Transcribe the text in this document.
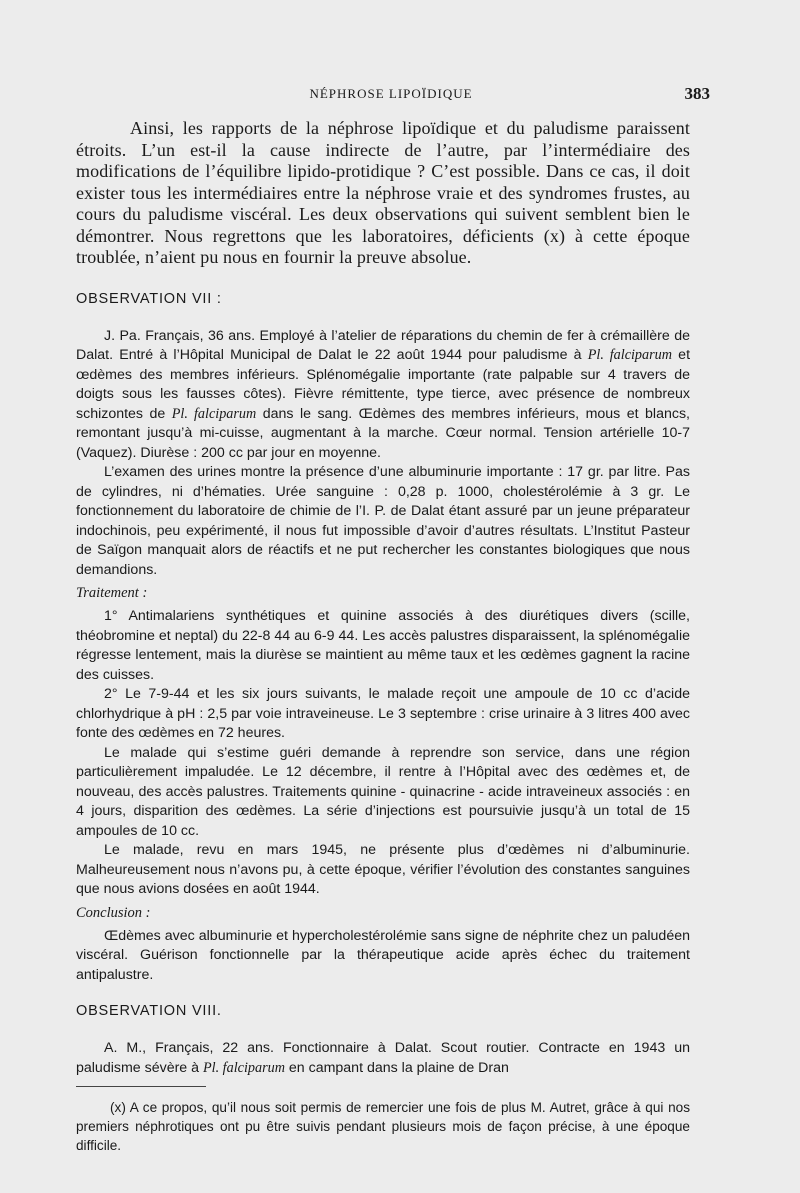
NÉPHROSE LIPOÏDIQUE	383

Ainsi, les rapports de la néphrose lipoïdique et du paludisme paraissent étroits. L’un est-il la cause indirecte de l’autre, par l’intermédiaire des modifications de l’équilibre lipido-protidique ? C’est possible. Dans ce cas, il doit exister tous les intermédiaires entre la néphrose vraie et des syndromes frustes, au cours du paludisme viscéral. Les deux observations qui suivent semblent bien le démontrer. Nous regrettons que les laboratoires, déficients (x) à cette époque troublée, n’aient pu nous en fournir la preuve absolue.

OBSERVATION VII :

J. Pa. Français, 36 ans. Employé à l’atelier de réparations du chemin de fer à crémaillère de Dalat. Entré à l’Hôpital Municipal de Dalat le 22 août 1944 pour paludisme à Pl. falciparum et œdèmes des membres inférieurs. Splénomégalie importante (rate palpable sur 4 travers de doigts sous les fausses côtes). Fièvre rémittente, type tierce, avec présence de nombreux schizontes de Pl. falciparum dans le sang. Œdèmes des membres inférieurs, mous et blancs, remontant jusqu’à mi-cuisse, augmentant à la marche. Cœur normal. Tension artérielle 10-7 (Vaquez). Diurèse : 200 cc par jour en moyenne.

L’examen des urines montre la présence d’une albuminurie importante : 17 gr. par litre. Pas de cylindres, ni d’hématies. Urée sanguine : 0,28 p. 1000, cholestérolémie à 3 gr. Le fonctionnement du laboratoire de chimie de l’I. P. de Dalat étant assuré par un jeune préparateur indochinois, peu expérimenté, il nous fut impossible d’avoir d’autres résultats. L’Institut Pasteur de Saïgon manquait alors de réactifs et ne put rechercher les constantes biologiques que nous demandions.

Traitement :

1° Antimalariens synthétiques et quinine associés à des diurétiques divers (scille, théobromine et neptal) du 22-8 44 au 6-9 44. Les accès palustres disparaissent, la splénomégalie régresse lentement, mais la diurèse se maintient au même taux et les œdèmes gagnent la racine des cuisses.

2° Le 7-9-44 et les six jours suivants, le malade reçoit une ampoule de 10 cc d’acide chlorhydrique à pH : 2,5 par voie intraveineuse. Le 3 septembre : crise urinaire à 3 litres 400 avec fonte des œdèmes en 72 heures.

Le malade qui s’estime guéri demande à reprendre son service, dans une région particulièrement impaludée. Le 12 décembre, il rentre à l’Hôpital avec des œdèmes et, de nouveau, des accès palustres. Traitements quinine - quinacrine - acide intraveineux associés : en 4 jours, disparition des œdèmes. La série d’injections est poursuivie jusqu’à un total de 15 ampoules de 10 cc.

Le malade, revu en mars 1945, ne présente plus d’œdèmes ni d’albuminurie. Malheureusement nous n’avons pu, à cette époque, vérifier l’évolution des constantes sanguines que nous avions dosées en août 1944.

Conclusion :

Œdèmes avec albuminurie et hypercholestérolémie sans signe de néphrite chez un paludéen viscéral. Guérison fonctionnelle par la thérapeutique acide après échec du traitement antipalustre.

OBSERVATION VIII.

A. M., Français, 22 ans. Fonctionnaire à Dalat. Scout routier. Contracte en 1943 un paludisme sévère à Pl. falciparum en campant dans la plaine de Dran

(x) A ce propos, qu’il nous soit permis de remercier une fois de plus M. Autret, grâce à qui nos premiers néphrotiques ont pu être suivis pendant plusieurs mois de façon précise, à une époque difficile.
